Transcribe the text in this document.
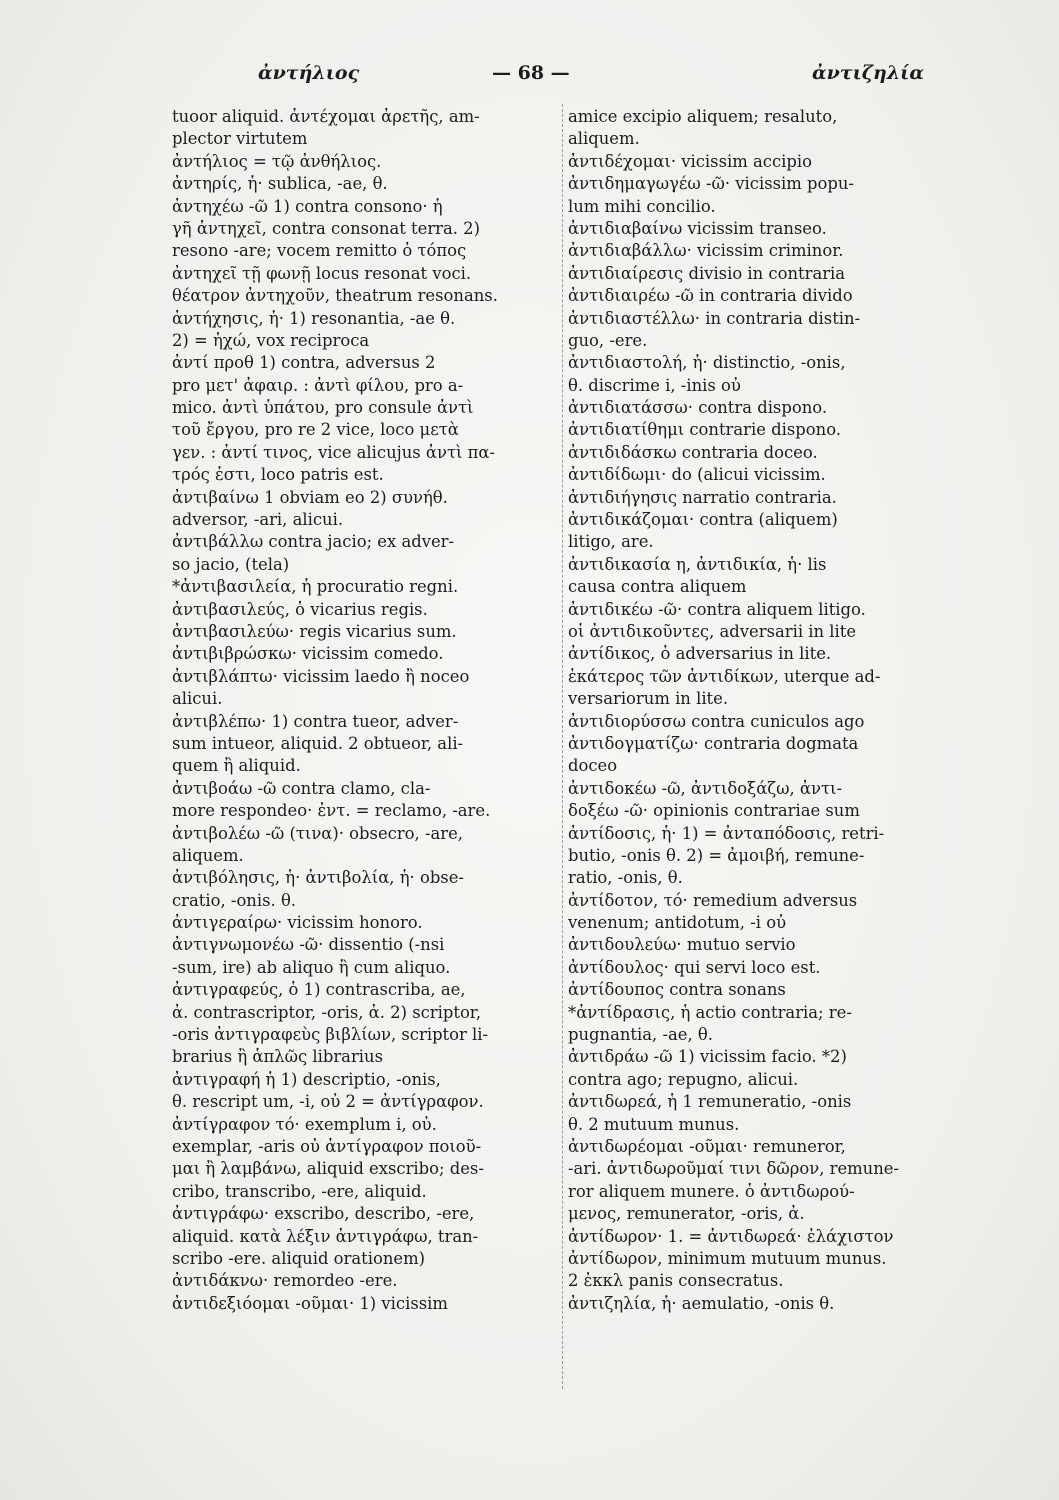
ἀντήλιος	— 68 —	ἀντιζηλία
tuoor aliquid. ἀντέχομαι ἀρετῆς, am-
plector virtutem
ἀντήλιος = τῷ ἀνθήλιος.
ἀντηρίς, ἡ· sublica, -ae, θ.
ἀντηχέω -ῶ 1) contra consono· ἡ
γῆ ἀντηχεῖ, contra consonat terra. 2)
resono -are; vocem remitto ὁ τόπος
ἀντηχεῖ τῇ φωνῇ locus resonat voci.
θέατρον ἀντηχοῦν, theatrum resonans.
ἀντήχησις, ἡ· 1) resonantia, -ae θ.
2) = ἠχώ, vox reciproca
ἀντί προθ 1) contra, adversus 2
pro μετ' ἀφαιρ. : ἀντὶ φίλου, pro a-
mico. ἀντὶ ὑπάτου, pro consule ἀντὶ
τοῦ ἔργου, pro re 2 vice, loco μετὰ
γεν. : ἀντί τινος, vice alicujus ἀντὶ πα-
τρός ἐστι, loco patris est.
ἀντιβαίνω 1 obviam eo 2) συνήθ.
adversor, -ari, alicui.
ἀντιβάλλω contra jacio; ex adver-
so jacio, (tela)
*ἀντιβασιλεία, ἡ procuratio regni.
ἀντιβασιλεύς, ὁ vicarius regis.
ἀντιβασιλεύω· regis vicarius sum.
ἀντιβιβρώσκω· vicissim comedo.
ἀντιβλάπτω· vicissim laedo ἢ noceo
alicui.
ἀντιβλέπω· 1) contra tueor, adver-
sum intueor, aliquid. 2 obtueor, ali-
quem ἢ aliquid.
ἀντιβοάω -ῶ contra clamo, cla-
more respondeo· ἐντ. = reclamo, -are.
ἀντιβολέω -ῶ (τινα)· obsecro, -are,
aliquem.
ἀντιβόλησις, ἡ· ἀντιβολία, ἡ· obse-
cratio, -onis. θ.
ἀντιγεραίρω· vicissim honoro.
ἀντιγνωμονέω -ῶ· dissentio (-nsi
-sum, ire) ab aliquo ἢ cum aliquo.
ἀντιγραφεύς, ὁ 1) contrascriba, ae,
ἀ. contrascriptor, -oris, ἀ. 2) scriptor,
-oris ἀντιγραφεὺς βιβλίων, scriptor li-
brarius ἢ ἁπλῶς librarius
ἀντιγραφή ἡ 1) descriptio, -onis,
θ. rescript um, -i, οὐ 2 = ἀντίγραφον.
ἀντίγραφον τό· exemplum i, οὐ.
exemplar, -aris οὐ ἀντίγραφον ποιοῦ-
μαι ἢ λαμβάνω, aliquid exscribo; des-
cribo, transcribo, -ere, aliquid.
ἀντιγράφω· exscribo, describo, -ere,
aliquid. κατὰ λέξιν ἀντιγράφω, tran-
scribo -ere. aliquid orationem)
ἀντιδάκνω· remordeo -ere.
ἀντιδεξιόομαι -οῦμαι· 1) vicissim
amice excipio aliquem; resaluto,
aliquem.
ἀντιδέχομαι· vicissim accipio
ἀντιδημαγωγέω -ῶ· vicissim popu-
lum mihi concilio.
ἀντιδιαβαίνω vicissim transeo.
ἀντιδιαβάλλω· vicissim criminor.
ἀντιδιαίρεσις divisio in contraria
ἀντιδιαιρέω -ῶ in contraria divido
ἀντιδιαστέλλω· in contraria distin-
guo, -ere.
ἀντιδιαστολή, ἡ· distinctio, -onis,
θ. discrime i, -inis οὐ
ἀντιδιατάσσω· contra dispono.
ἀντιδιατίθημι contrarie dispono.
ἀντιδιδάσκω contraria doceo.
ἀντιδίδωμι· do (alicui vicissim.
ἀντιδιήγησις narratio contraria.
ἀντιδικάζομαι· contra (aliquem)
litigo, are.
ἀντιδικασία η, ἀντιδικία, ἡ· lis
causa contra aliquem
ἀντιδικέω -ῶ· contra aliquem litigo.
οἱ ἀντιδικοῦντες, adversarii in lite
ἀντίδικος, ὁ adversarius in lite.
ἑκάτερος τῶν ἀντιδίκων, uterque ad-
versariorum in lite.
ἀντιδιορύσσω contra cuniculos ago
ἀντιδογματίζω· contraria dogmata
doceo
ἀντιδοκέω -ῶ, ἀντιδοξάζω, ἀντι-
δοξέω -ῶ· opinionis contrariae sum
ἀντίδοσις, ἡ· 1) = ἀνταπόδοσις, retri-
butio, -onis θ. 2) = ἀμοιβή, remune-
ratio, -onis, θ.
ἀντίδοτον, τό· remedium adversus
venenum; antidotum, -i οὐ
ἀντιδουλεύω· mutuo servio
ἀντίδουλος· qui servi loco est.
ἀντίδουπος contra sonans
*ἀντίδρασις, ἡ actio contraria; re-
pugnantia, -ae, θ.
ἀντιδράω -ῶ 1) vicissim facio. *2)
contra ago; repugno, alicui.
ἀντιδωρεά, ἡ 1 remuneratio, -onis
θ. 2 mutuum munus.
ἀντιδωρέομαι -οῦμαι· remuneror,
-ari. ἀντιδωροῦμαί τινι δῶρον, remune-
ror aliquem munere. ὁ ἀντιδωρού-
μενος, remunerator, -oris, ἀ.
ἀντίδωρον· 1. = ἀντιδωρεά· ἐλάχιστον
ἀντίδωρον, minimum mutuum munus.
2 ἐκκλ panis consecratus.
ἀντιζηλία, ἡ· aemulatio, -onis θ.
